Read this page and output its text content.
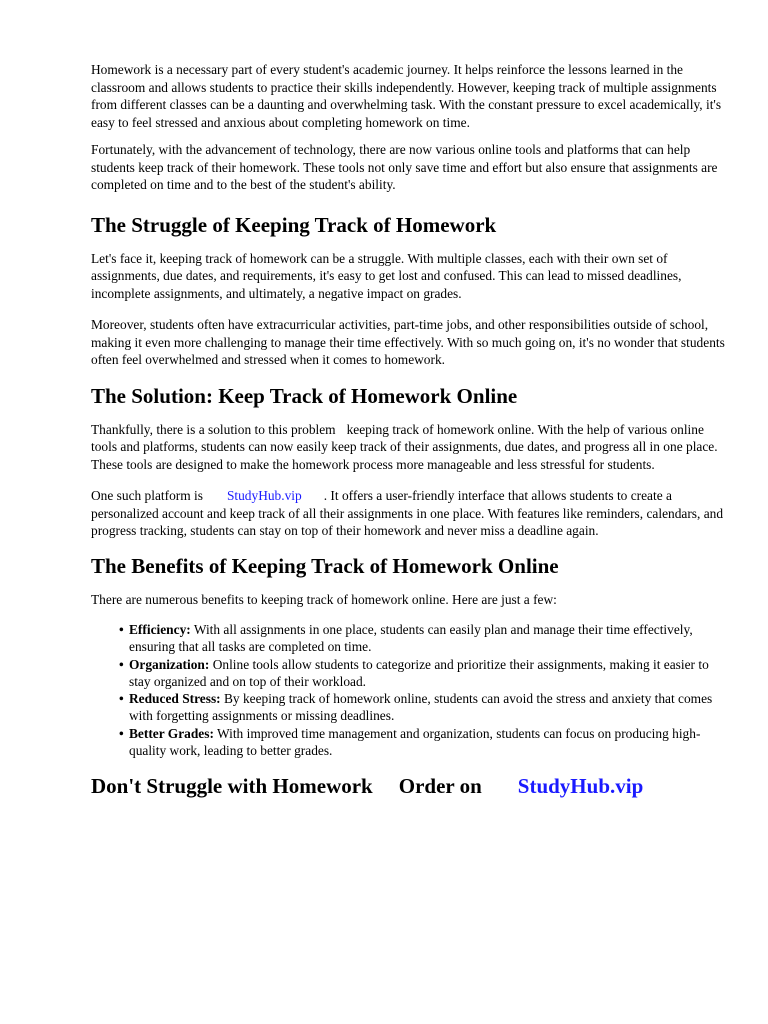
Homework is a necessary part of every student's academic journey. It helps reinforce the lessons learned in the classroom and allows students to practice their skills independently. However, keeping track of multiple assignments from different classes can be a daunting and overwhelming task. With the constant pressure to excel academically, it's easy to feel stressed and anxious about completing homework on time.

Fortunately, with the advancement of technology, there are now various online tools and platforms that can help students keep track of their homework. These tools not only save time and effort but also ensure that assignments are completed on time and to the best of the student's ability.

The Struggle of Keeping Track of Homework

Let's face it, keeping track of homework can be a struggle. With multiple classes, each with their own set of assignments, due dates, and requirements, it's easy to get lost and confused. This can lead to missed deadlines, incomplete assignments, and ultimately, a negative impact on grades.

Moreover, students often have extracurricular activities, part-time jobs, and other responsibilities outside of school, making it even more challenging to manage their time effectively. With so much going on, it's no wonder that students often feel overwhelmed and stressed when it comes to homework.

The Solution: Keep Track of Homework Online

Thankfully, there is a solution to this problem keeping track of homework online. With the help of various online tools and platforms, students can now easily keep track of their assignments, due dates, and progress all in one place. These tools are designed to make the homework process more manageable and less stressful for students.

One such platform is StudyHub.vip . It offers a user-friendly interface that allows students to create a personalized account and keep track of all their assignments in one place. With features like reminders, calendars, and progress tracking, students can stay on top of their homework and never miss a deadline again.

The Benefits of Keeping Track of Homework Online

There are numerous benefits to keeping track of homework online. Here are just a few:

• Efficiency: With all assignments in one place, students can easily plan and manage their time effectively, ensuring that all tasks are completed on time.
• Organization: Online tools allow students to categorize and prioritize their assignments, making it easier to stay organized and on top of their workload.
• Reduced Stress: By keeping track of homework online, students can avoid the stress and anxiety that comes with forgetting assignments or missing deadlines.
• Better Grades: With improved time management and organization, students can focus on producing high-quality work, leading to better grades.
Don't Struggle with Homework Order on StudyHub.vip
